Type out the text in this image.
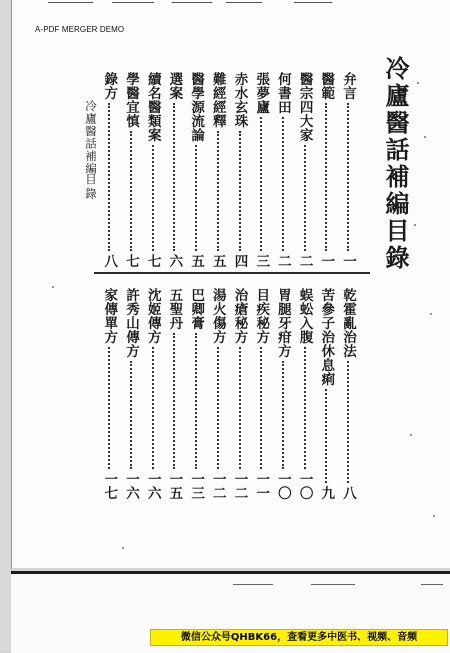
A-PDF MERGER DEMO
冷廬醫話補編目錄
冷廬醫話補編
目錄
弁言
一
醫範
一
醫宗四大家
二
何書田
二
張夢廬
三
赤水玄珠
四
難經經釋
五
醫學源流論
五
選案
六
續名醫類案
七
學醫宜慎
七
錄方
八
乾霍亂治法
八
苦參子治休息痢
九
蜈蚣入腹
一〇
胃腿牙疳方
一〇
目疾秘方
一一
治瘡秘方
一二
湯火傷方
一二
巴卿膏
一三
五聖丹
一五
沈姬傳方
一六
許秀山傳方
一六
家傳單方
一七
微信公众号QHBK66，查看更多中医书、视频、音频
